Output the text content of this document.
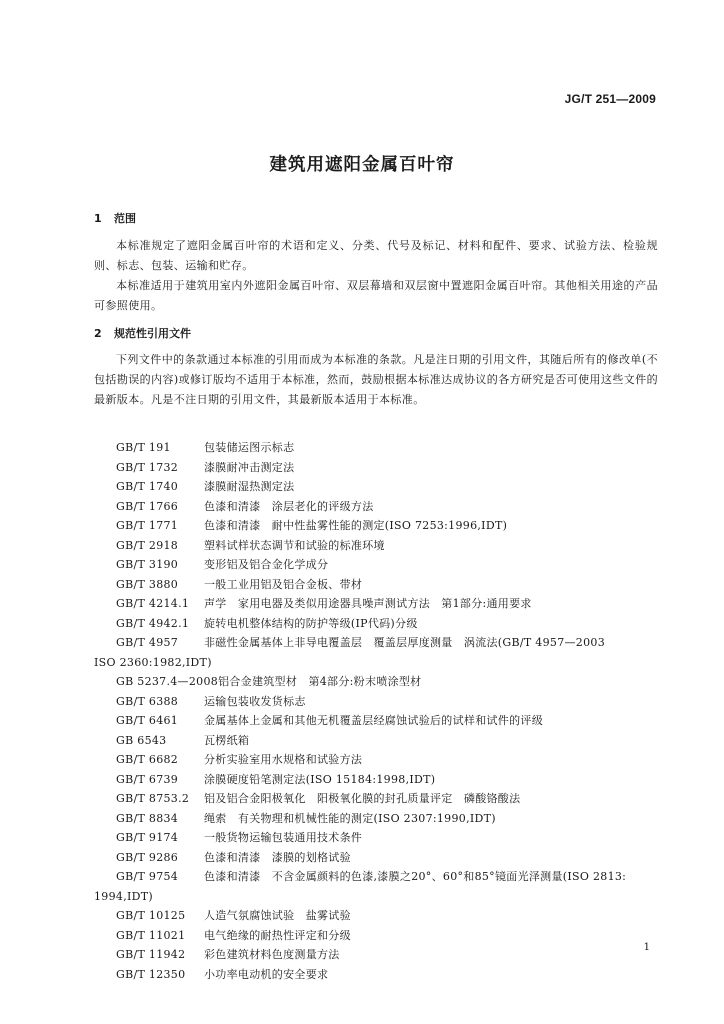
JG/T 251—2009
建筑用遮阳金属百叶帘
1 范围

本标准规定了遮阳金属百叶帘的术语和定义、分类、代号及标记、材料和配件、要求、试验方法、检验规则、标志、包装、运输和贮存。

本标准适用于建筑用室内外遮阳金属百叶帘、双层幕墙和双层窗中置遮阳金属百叶帘。其他相关用途的产品可参照使用。

2 规范性引用文件

下列文件中的条款通过本标准的引用而成为本标准的条款。凡是注日期的引用文件，其随后所有的修改单(不包括勘误的内容)或修订版均不适用于本标准，然而，鼓励根据本标准达成协议的各方研究是否可使用这些文件的最新版本。凡是不注日期的引用文件，其最新版本适用于本标准。

GB/T 191	包装储运图示标志
GB/T 1732 漆膜耐冲击测定法
GB/T 1740 漆膜耐湿热测定法
GB/T 1766 色漆和清漆　涂层老化的评级方法
GB/T 1771 色漆和清漆　耐中性盐雾性能的测定(ISO 7253:1996,IDT)
GB/T 2918 塑料试样状态调节和试验的标准环境
GB/T 3190 变形铝及铝合金化学成分
GB/T 3880 一般工业用铝及铝合金板、带材
GB/T 4214.1 声学　家用电器及类似用途器具噪声测试方法　第1部分:通用要求
GB/T 4942.1 旋转电机整体结构的防护等级(IP代码)分级
GB/T 4957 非磁性金属基体上非导电覆盖层　覆盖层厚度测量　涡流法(GB/T 4957—2003
ISO 2360:1982,IDT)
GB 5237.4—2008铝合金建筑型材　第4部分:粉末喷涂型材
GB/T 6388 运输包装收发货标志
GB/T 6461 金属基体上金属和其他无机覆盖层经腐蚀试验后的试样和试件的评级
GB 6543	瓦楞纸箱
GB/T 6682 分析实验室用水规格和试验方法
GB/T 6739 涂膜硬度铅笔测定法(ISO 15184:1998,IDT)
GB/T 8753.2 铝及铝合金阳极氧化　阳极氧化膜的封孔质量评定　磷酸铬酸法
GB/T 8834 绳索　有关物理和机械性能的测定(ISO 2307:1990,IDT)
GB/T 9174 一般货物运输包装通用技术条件
GB/T 9286 色漆和清漆　漆膜的划格试验
GB/T 9754 色漆和清漆　不含金属颜料的色漆,漆膜之20°、60°和85°镜面光泽测量(ISO 2813:
1994,IDT)
GB/T 10125 人造气氛腐蚀试验　盐雾试验
GB/T 11021 电气绝缘的耐热性评定和分级
GB/T 11942 彩色建筑材料色度测量方法
GB/T 12350 小功率电动机的安全要求
1
